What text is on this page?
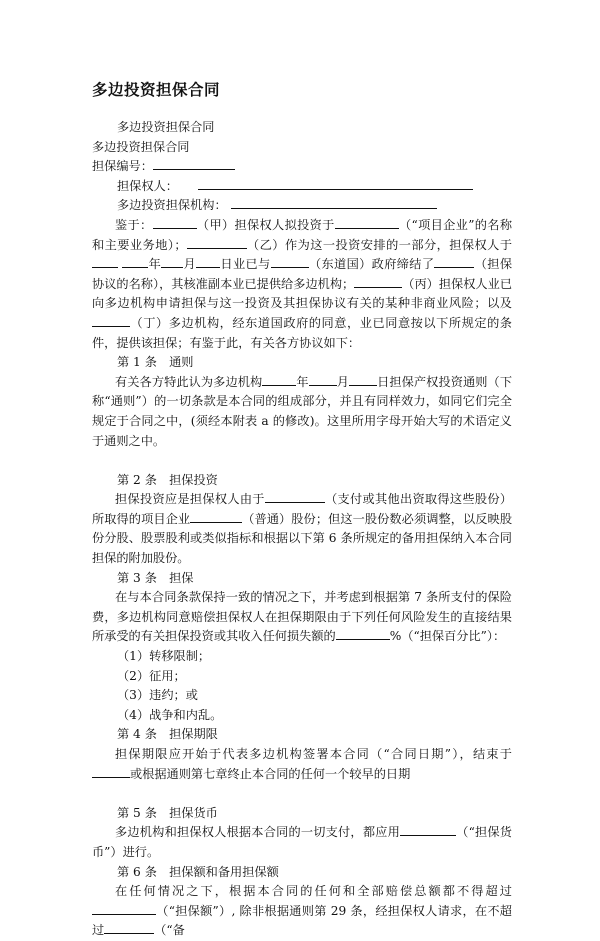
多边投资担保合同

多边投资担保合同

多边投资担保合同

担保编号：

担保权人：

多边投资担保机构：

鉴于：	（甲）担保权人拟投资于	（“项目企业”的名称和主要业务地）；	（乙）作为这一投资安排的一部分，担保权人于 年 月 日业已与	（东道国）政府缔结了	（担保协议的名称），其核准副本业已提供给多边机构；	（丙）担保权人业已向多边机构申请担保与这一投资及其担保协议有关的某种非商业风险；以及（丁）多边机构，经东道国政府的同意，业已同意按以下所规定的条件，提供该担保；有鉴于此，有关各方协议如下：

第 1 条　通则

有关各方特此认为多边机构	年 月 日担保产权投资通则（下称“通则”）的一切条款是本合同的组成部分，并且有同样效力，如同它们完全规定于合同之中，(须经本附表 a 的修改)。这里所用字母开始大写的术语定义于通则之中。

第 2 条　担保投资

担保投资应是担保权人由于	（支付或其他出资取得这些股份）所取得的项目企业	（普通）股份；但这一股份数必须调整，以反映股份分股、股票股利或类似指标和根据以下第 6 条所规定的备用担保纳入本合同担保的附加股份。

第 3 条　担保

在与本合同条款保持一致的情况之下，并考虑到根据第 7 条所支付的保险费，多边机构同意赔偿担保权人在担保期限由于下列任何风险发生的直接结果所承受的有关担保投资或其收入任何损失额的	%（“担保百分比”）：

（1）转移限制；

（2）征用；

（3）违约；或

（4）战争和内乱。

第 4 条　担保期限

担保期限应开始于代表多边机构签署本合同（“合同日期”），结束于或根据通则第七章终止本合同的任何一个较早的日期

第 5 条　担保货币

多边机构和担保权人根据本合同的一切支付，都应用	（“担保货币”）进行。

第 6 条　担保额和备用担保额

在任何情况之下，根据本合同的任何和全部赔偿总额都不得超过（“担保额”）, 除非根据通则第 29 条，经担保权人请求，在不超过	（“备
